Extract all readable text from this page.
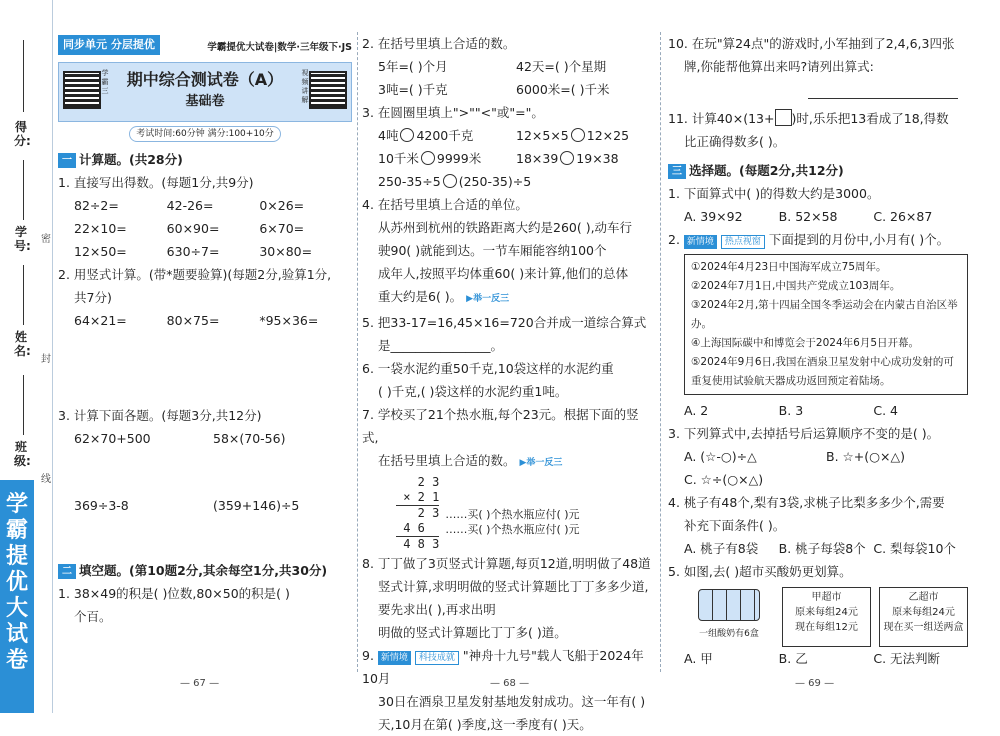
得分:
学号:
姓名:
班级:
密
封
线
学霸提优大试卷
同步单元 分层提优	学霸提优大试卷|数学·三年级下·JS
学霸三
期中综合测试卷（A）
基础卷
视频讲解
考试时间:60分钟 满分:100+10分
一 计算题。(共28分)
1. 直接写出得数。(每题1分,共9分)
82÷2=	42-26=	0×26=
22×10=	60×90=	6×70=
12×50=	630÷7=	30×80=
2. 用竖式计算。(带*题要验算)(每题2分,验算1分,
共7分)
64×21=	80×75=	*95×36=
3. 计算下面各题。(每题3分,共12分)
62×70+500	58×(70-56)
369÷3-8	(359+146)÷5
二 填空题。(第10题2分,其余每空1分,共30分)
1. 38×49的积是( )位数,80×50的积是( )
个百。
— 67 —
2. 在括号里填上合适的数。
5年=( )个月	42天=( )个星期
3吨=( )千克	6000米=( )千米
3. 在圆圈里填上">""<"或"="。
4吨 4200千克	12×5×5 12×25
10千米 9999米	18×39 19×38
250-35÷5 (250-35)÷5
4. 在括号里填上合适的单位。
从苏州到杭州的铁路距离大约是260( ),动车行
驶90( )就能到达。一节车厢能容纳100个
成年人,按照平均体重60( )来计算,他们的总体
重大约是6( )。 ▶举一反三
5. 把33-17=16,45×16=720合并成一道综合算式
是________________。
6. 一袋水泥约重50千克,10袋这样的水泥约重
( )千克,( )袋这样的水泥约重1吨。
7. 学校买了21个热水瓶,每个23元。根据下面的竖式,
在括号里填上合适的数。 ▶举一反三
2 3
× 2 1
2 3
4 6
4 8 3
……买( )个热水瓶应付( )元
……买( )个热水瓶应付( )元
8. 丁丁做了3页竖式计算题,每页12道,明明做了48道
竖式计算,求明明做的竖式计算题比丁丁多多少道,
要先求出( ),再求出明
明做的竖式计算题比丁丁多( )道。
9. 新情境 科技成就 "神舟十九号"载人飞船于2024年10月
30日在酒泉卫星发射基地发射成功。这一年有( )
天,10月在第( )季度,这一季度有( )天。
— 68 —
10. 在玩"算24点"的游戏时,小军抽到了2,4,6,3四张
牌,你能帮他算出来吗?请列出算式:
11. 计算40×(13+ )时,乐乐把13看成了18,得数
比正确得数多( )。
三 选择题。(每题2分,共12分)
1. 下面算式中( )的得数大约是3000。
A. 39×92	B. 52×58	C. 26×87
2. 新情境 热点视窗 下面提到的月份中,小月有( )个。
①2024年4月23日中国海军成立75周年。
②2024年7月1日,中国共产党成立103周年。
③2024年2月,第十四届全国冬季运动会在内蒙古自治区举办。
④上海国际碳中和博览会于2024年6月5日开幕。
⑤2024年9月6日,我国在酒泉卫星发射中心成功发射的可重复使用试验航天器成功返回预定着陆场。
A. 2	B. 3	C. 4
3. 下列算式中,去掉括号后运算顺序不变的是( )。
A. (☆-○)÷△	B. ☆+(○×△)
C. ☆÷(○×△)
4. 桃子有48个,梨有3袋,求桃子比梨多多少个,需要
补充下面条件( )。
A. 桃子有8袋	B. 桃子每袋8个 C. 梨每袋10个
5. 如图,去( )超市买酸奶更划算。
一组酸奶有6盒
甲超市
原来每组24元
现在每组12元
乙超市
原来每组24元
现在买一组送两盒
A. 甲	B. 乙	C. 无法判断
— 69 —
